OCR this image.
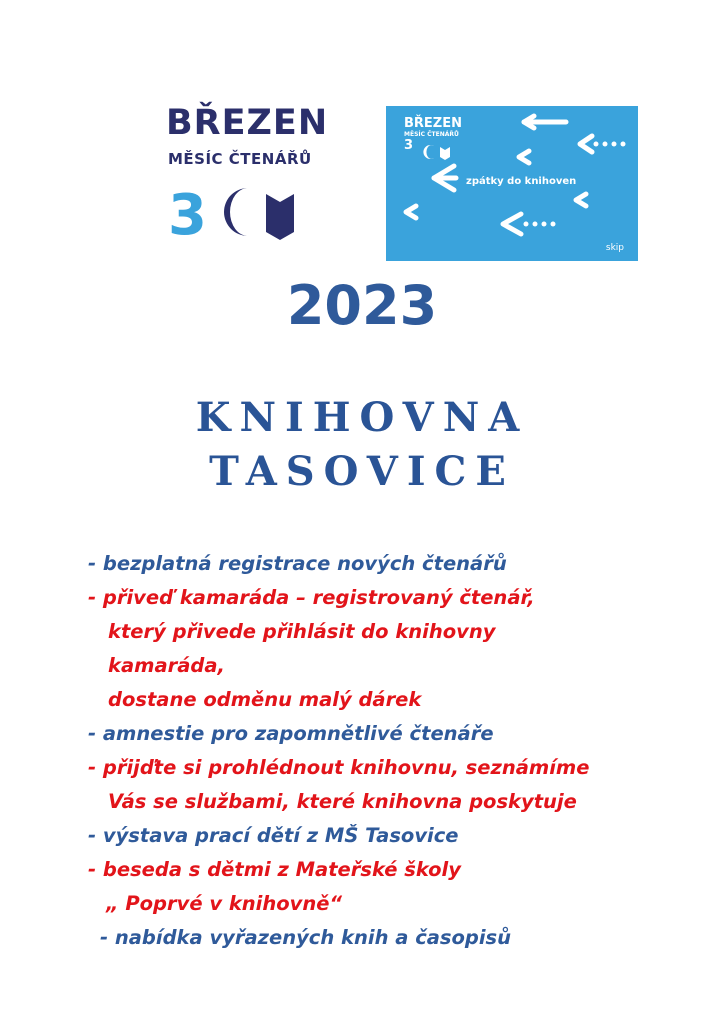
BŘEZEN
MĚSÍC ČTENÁŘŮ
3
BŘEZEN
MĚSÍC ČTENÁŘŮ
3
zpátky do knihoven
skip
2023
KNIHOVNA
TASOVICE
- bezplatná registrace nových čtenářů
- přiveď kamaráda – registrovaný čtenář,
který přivede přihlásit do knihovny
kamaráda,
dostane odměnu malý dárek
- amnestie pro zapomnětlivé čtenáře
- přijďte si prohlédnout knihovnu, seznámíme
Vás se službami, které knihovna poskytuje
- výstava prací dětí z MŠ Tasovice
- beseda s dětmi z Mateřské školy
„ Poprvé v knihovně“
- nabídka vyřazených knih a časopisů
